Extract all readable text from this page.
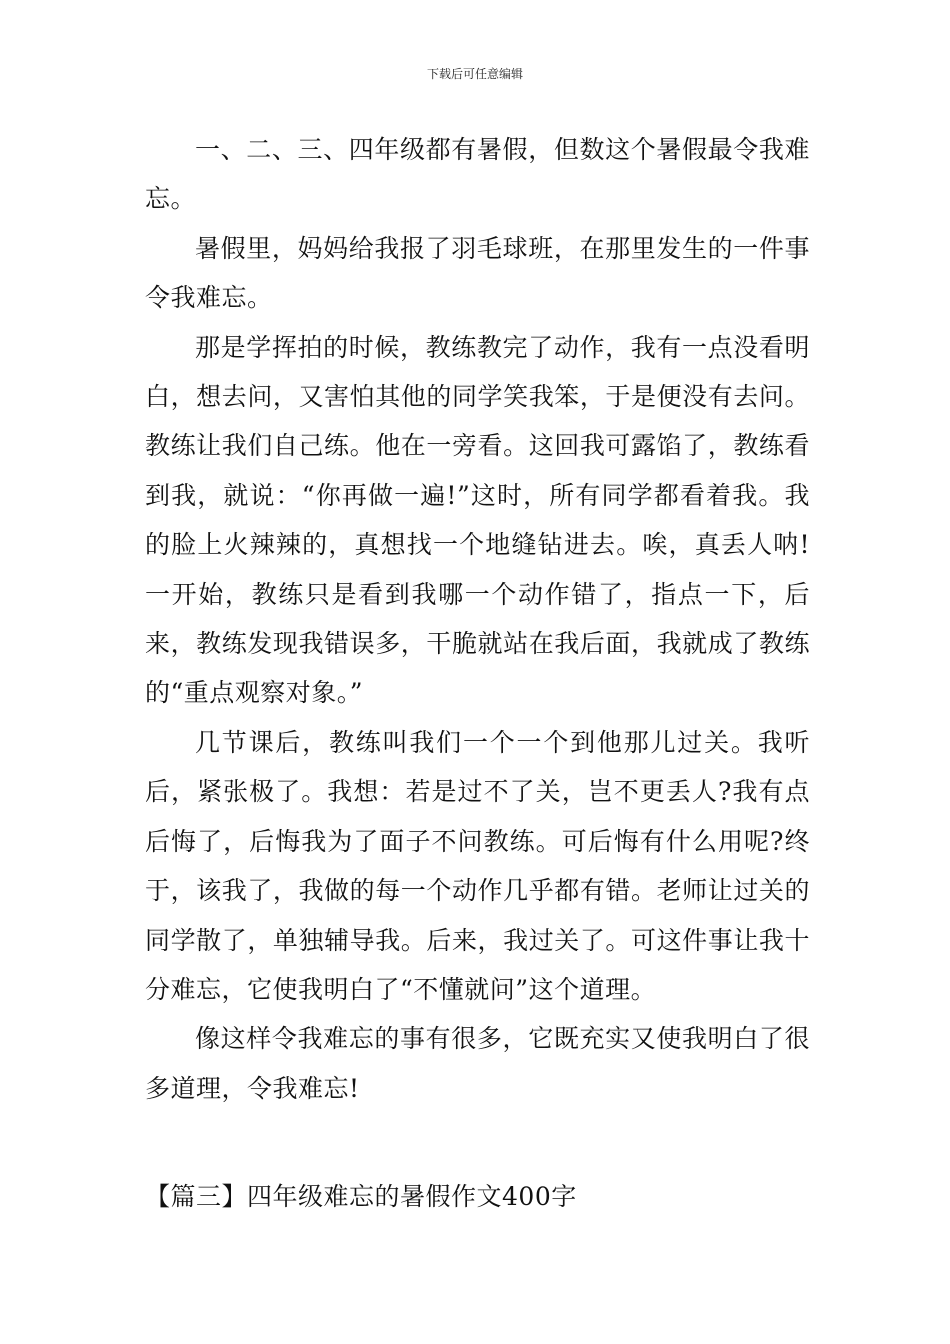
下载后可任意编辑

一、二、三、四年级都有暑假，但数这个暑假最令我难忘。

暑假里，妈妈给我报了羽毛球班，在那里发生的一件事令我难忘。

那是学挥拍的时候，教练教完了动作，我有一点没看明白，想去问，又害怕其他的同学笑我笨，于是便没有去问。教练让我们自己练。他在一旁看。这回我可露馅了，教练看到我，就说：“你再做一遍!”这时，所有同学都看着我。我的脸上火辣辣的，真想找一个地缝钻进去。唉，真丢人呐!一开始，教练只是看到我哪一个动作错了，指点一下，后来，教练发现我错误多，干脆就站在我后面，我就成了教练的“重点观察对象。”

几节课后，教练叫我们一个一个到他那儿过关。我听后，紧张极了。我想：若是过不了关，岂不更丢人?我有点后悔了，后悔我为了面子不问教练。可后悔有什么用呢?终于，该我了，我做的每一个动作几乎都有错。老师让过关的同学散了，单独辅导我。后来，我过关了。可这件事让我十分难忘，它使我明白了“不懂就问”这个道理。

像这样令我难忘的事有很多，它既充实又使我明白了很多道理，令我难忘!

【篇三】四年级难忘的暑假作文400字
